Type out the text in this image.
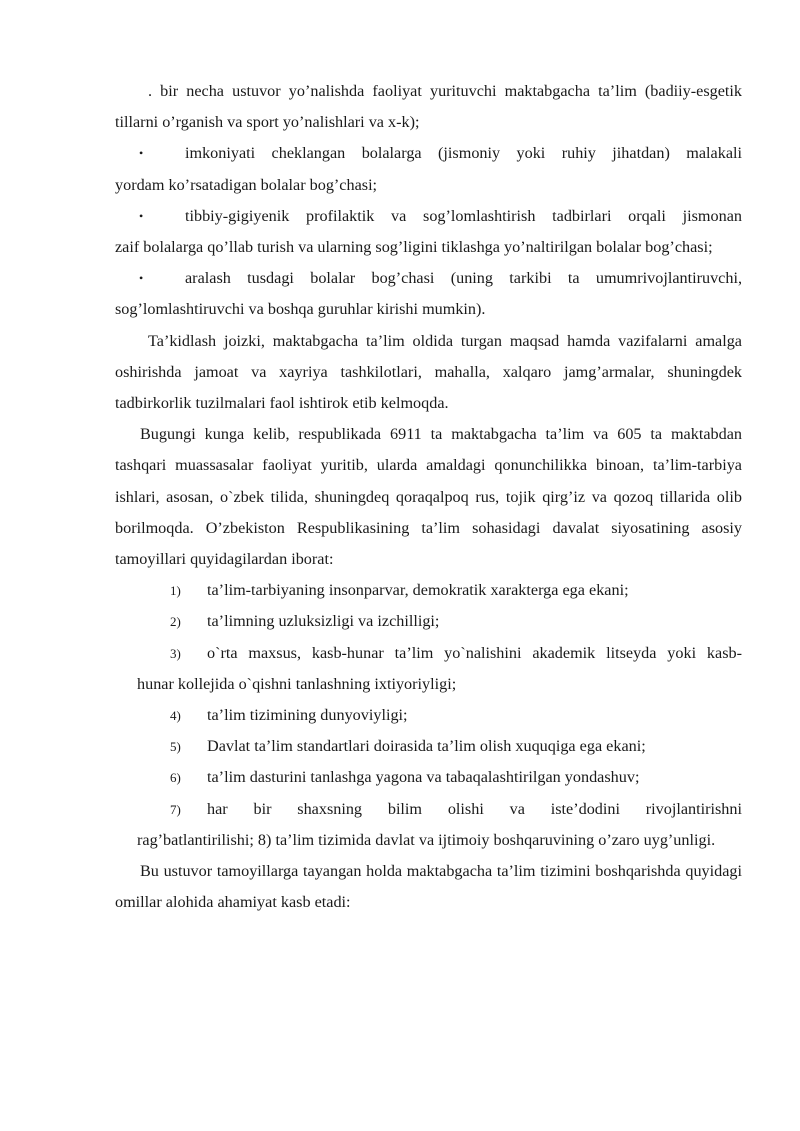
. bir necha ustuvor yo’nalishda faoliyat yurituvchi maktabgacha ta’lim (badiiy-esgetik tillarni o’rganish va sport yo’nalishlari va x-k);

•	imkoniyati cheklangan bolalarga (jismoniy yoki ruhiy jihatdan) malakali

yordam ko’rsatadigan bolalar bog’chasi;

•	tibbiy-gigiyenik profilaktik va sog’lomlashtirish tadbirlari orqali jismonan

zaif bolalarga qo’llab turish va ularning sog’ligini tiklashga yo’naltirilgan bolalar bog’chasi;

•	aralash tusdagi bolalar bog’chasi (uning tarkibi ta umumrivojlantiruvchi,

sog’lomlashtiruvchi va boshqa guruhlar kirishi mumkin).

Ta’kidlash joizki, maktabgacha ta’lim oldida turgan maqsad hamda vazifalarni amalga oshirishda jamoat va xayriya tashkilotlari, mahalla, xalqaro jamg’armalar, shuningdek tadbirkorlik tuzilmalari faol ishtirok etib kelmoqda.

Bugungi kunga kelib, respublikada 6911 ta maktabgacha ta’lim va 605 ta maktabdan tashqari muassasalar faoliyat yuritib, ularda amaldagi qonunchilikka binoan, ta’lim-tarbiya ishlari, asosan, o`zbek tilida, shuningdeq qoraqalpoq rus, tojik qirg’iz va qozoq tillarida olib borilmoqda. O’zbekiston Respublikasining ta’lim sohasidagi davalat siyosatining asosiy tamoyillari quyidagilardan iborat:

1)	ta’lim-tarbiyaning insonparvar, demokratik xarakterga ega ekani;
2)	ta’limning uzluksizligi va izchilligi;
3)	o`rta maxsus, kasb-hunar ta’lim yo`nalishini akademik litseyda yoki kasb-

hunar kollejida o`qishni tanlashning ixtiyoriyligi;

4)	ta’lim tizimining dunyoviyligi;
5)	Davlat ta’lim standartlari doirasida ta’lim olish xuquqiga ega ekani;
6)	ta’lim dasturini tanlashga yagona va tabaqalashtirilgan yondashuv;
7)	har bir shaxsning bilim olishi va iste’dodini rivojlantirishni

rag’batlantirilishi; 8) ta’lim tizimida davlat va ijtimoiy boshqaruvining o’zaro uyg’unligi.

Bu ustuvor tamoyillarga tayangan holda maktabgacha ta’lim tizimini boshqarishda quyidagi omillar alohida ahamiyat kasb etadi:
